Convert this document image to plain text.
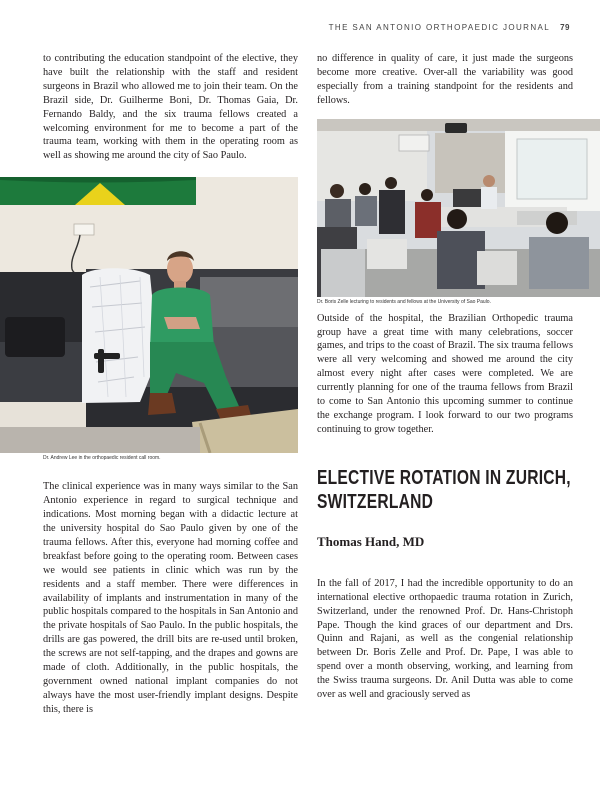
THE SAN ANTONIO ORTHOPAEDIC JOURNAL 79

to contributing the education standpoint of the elective, they have built the relationship with the staff and resident surgeons in Brazil who allowed me to join their team. On the Brazil side, Dr. Guilherme Boni, Dr. Thomas Gaia, Dr. Fernando Baldy, and the six trauma fellows created a welcoming environment for me to become a part of the trauma team, working with them in the operating room as well as showing me around the city of Sao Paulo.

Dr. Andrew Lee in the orthopaedic resident call room.

The clinical experience was in many ways similar to the San Antonio experience in regard to surgical technique and indications. Most morning began with a didactic lecture at the university hospital do Sao Paulo given by one of the trauma fellows. After this, everyone had morning coffee and breakfast before going to the operating room. Between cases we would see patients in clinic which was run by the residents and a staff member. There were differences in availability of implants and instrumentation in many of the public hospitals compared to the hospitals in San Antonio and the private hospitals of Sao Paulo. In the public hospitals, the drills are gas powered, the drill bits are re-used until broken, the screws are not self-tapping, and the drapes and gowns are made of cloth. Additionally, in the public hospitals, the government owned national implant companies do not always have the most user-friendly implant designs. Despite this, there is

no difference in quality of care, it just made the surgeons become more creative. Over-all the variability was good especially from a training standpoint for the residents and fellows.

Dr. Boris Zelle lecturing to residents and fellows at the University of Sao Paulo.

Outside of the hospital, the Brazilian Orthopedic trauma group have a great time with many celebrations, soccer games, and trips to the coast of Brazil. The six trauma fellows were all very welcoming and showed me around the city almost every night after cases were completed. We are currently planning for one of the trauma fellows from Brazil to come to San Antonio this upcoming summer to continue the exchange program. I look forward to our two programs continuing to grow together.

ELECTIVE ROTATION IN ZURICH, SWITZERLAND

Thomas Hand, MD

In the fall of 2017, I had the incredible opportunity to do an international elective orthopaedic trauma rotation in Zurich, Switzerland, under the renowned Prof. Dr. Hans-Christoph Pape. Though the kind graces of our department and Drs. Quinn and Rajani, as well as the congenial relationship between Dr. Boris Zelle and Prof. Dr. Pape, I was able to spend over a month observing, working, and learning from the Swiss trauma surgeons. Dr. Anil Dutta was able to come over as well and graciously served as
